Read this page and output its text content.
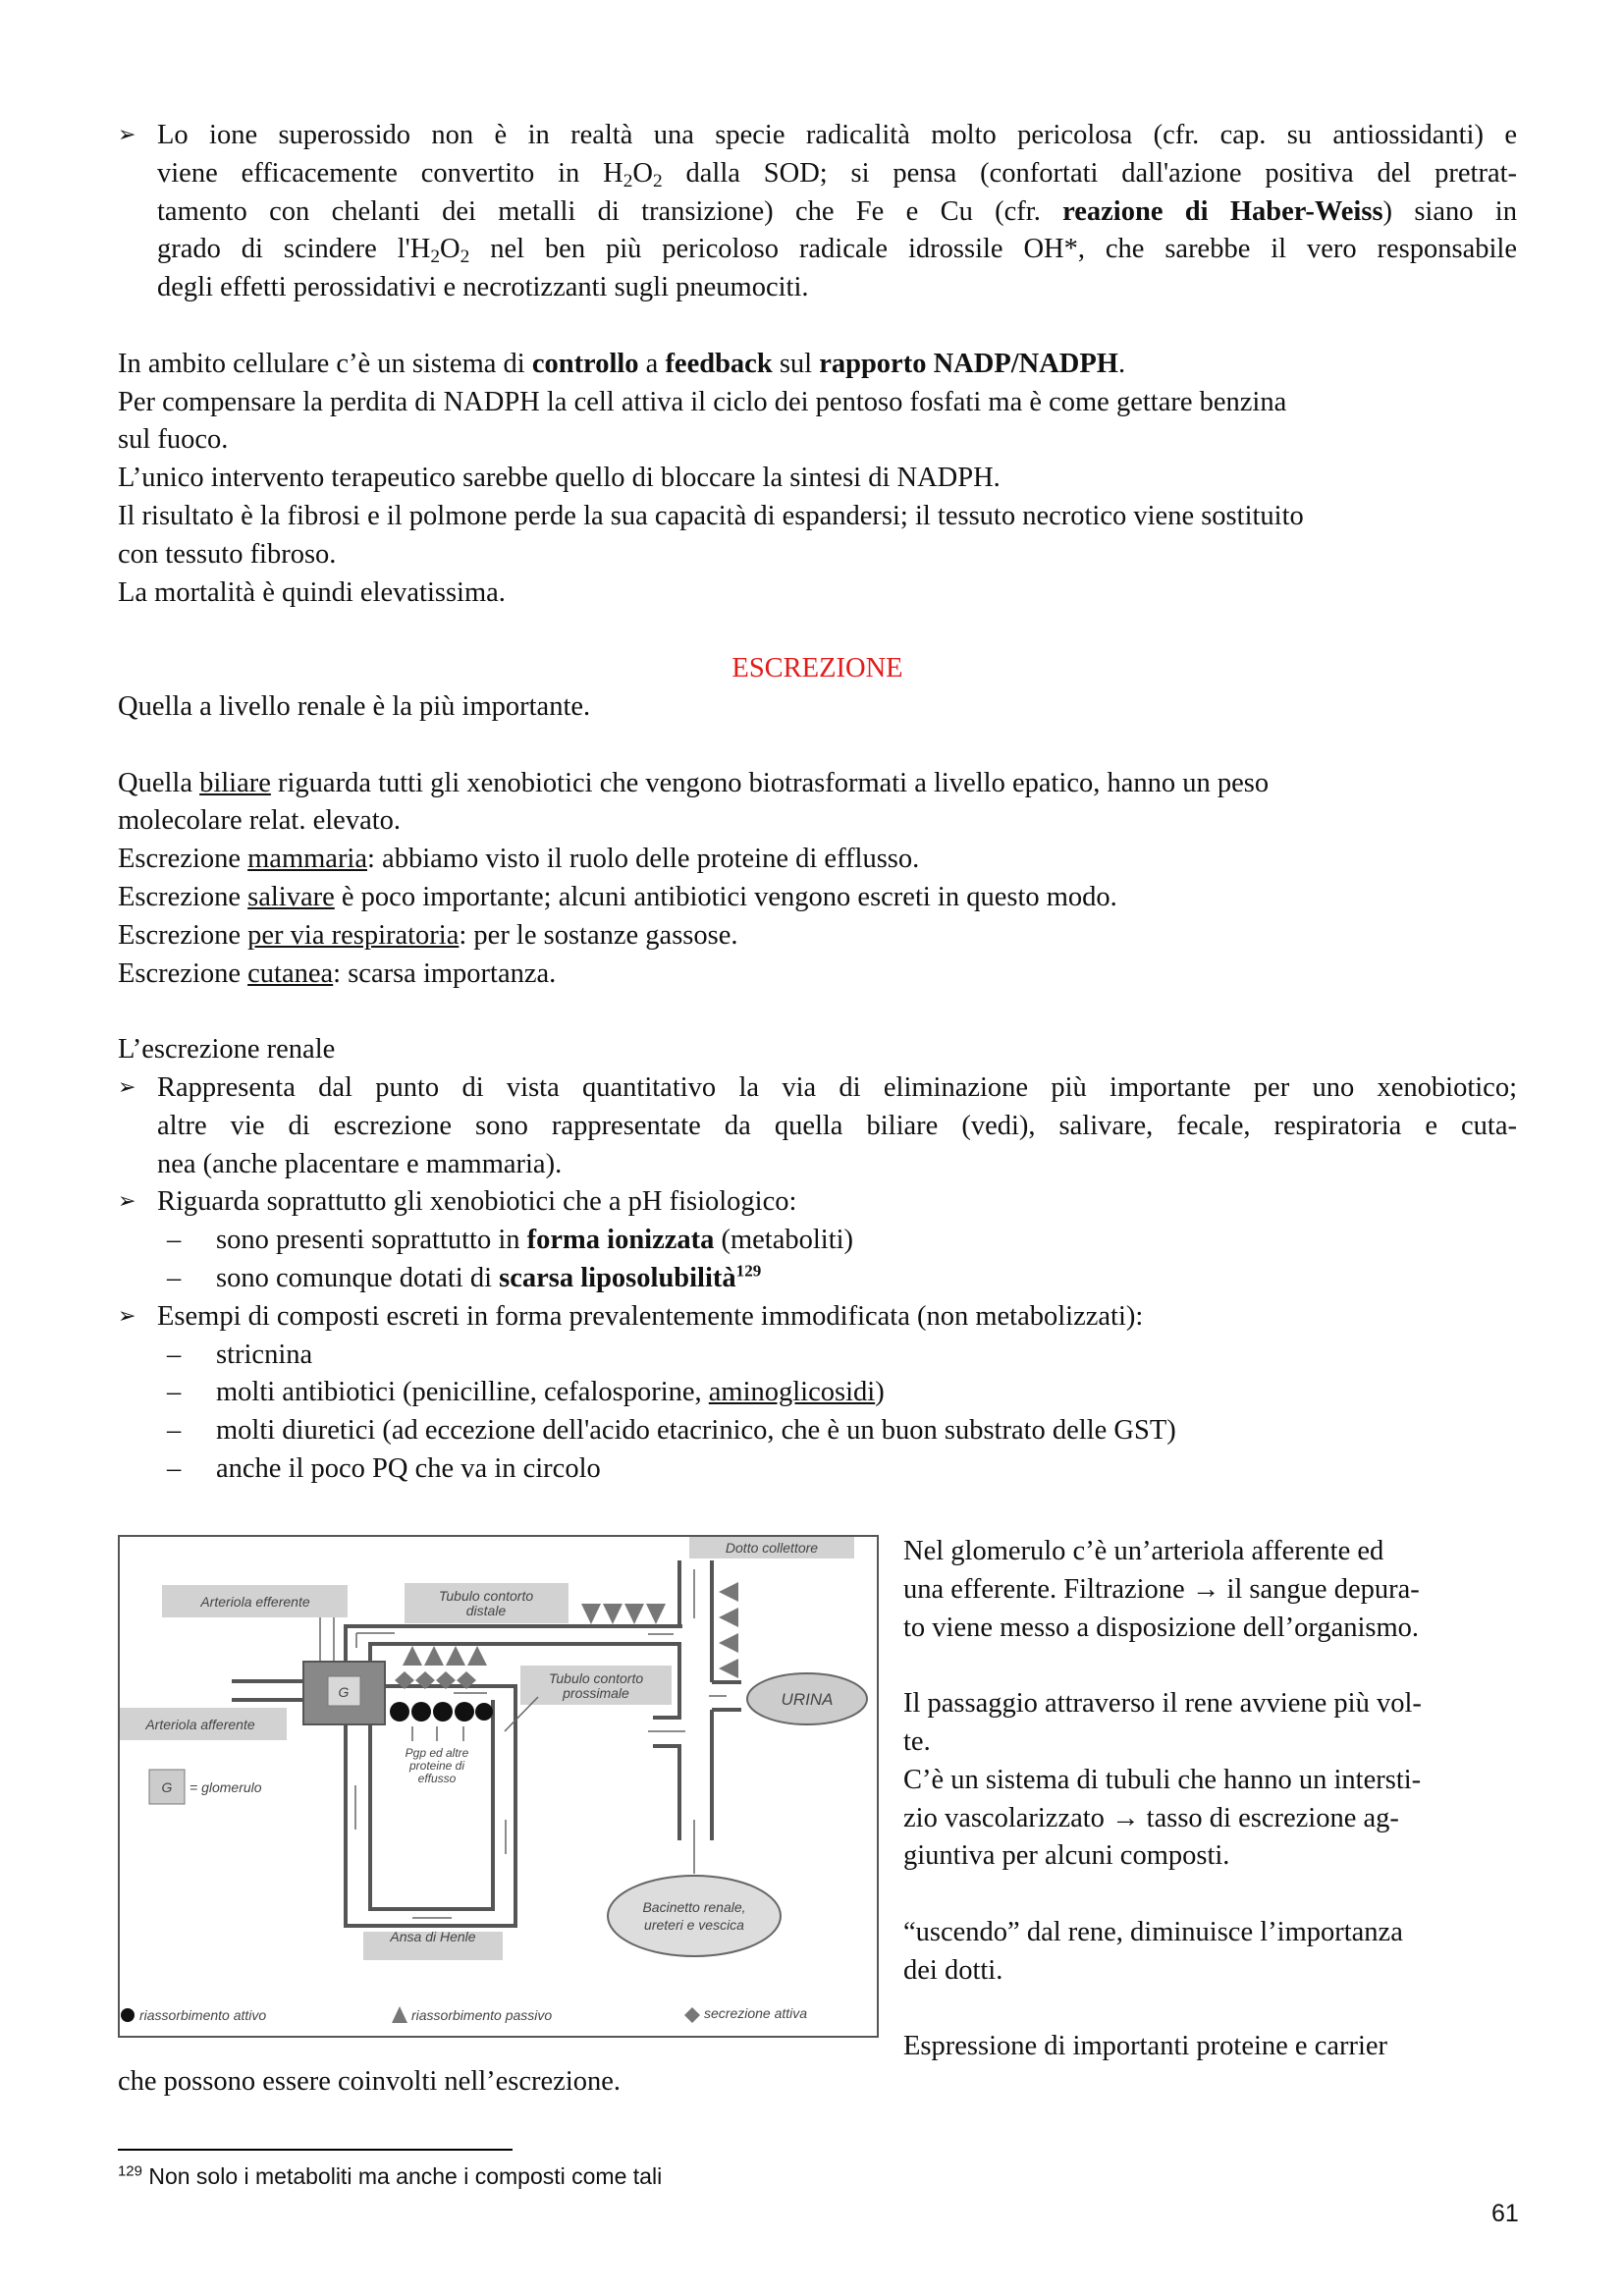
➢ Lo ione superossido non è in realtà una specie radicalità molto pericolosa (cfr. cap. su antiossidanti) e
viene efficacemente convertito in $H_2O_2$ dalla SOD; si pensa (confortati dall'azione positiva del pretrat-
tamento con chelanti dei metalli di transizione) che Fe e Cu (cfr. reazione di Haber-Weiss) siano in
grado di scindere $l'H_2O_2$ nel ben più pericoloso radicale idrossile OH*, che sarebbe il vero responsabile
degli effetti perossidativi e necrotizzanti sugli pneumociti.
In ambito cellulare c’è un sistema di controllo a feedback sul rapporto NADP/NADPH.
Per compensare la perdita di NADPH la cell attiva il ciclo dei pentoso fosfati ma è come gettare benzina
sul fuoco.
L’unico intervento terapeutico sarebbe quello di bloccare la sintesi di NADPH.
Il risultato è la fibrosi e il polmone perde la sua capacità di espandersi; il tessuto necrotico viene sostituito
con tessuto fibroso.
La mortalità è quindi elevatissima.
ESCREZIONE
Quella a livello renale è la più importante.
Quella biliare riguarda tutti gli xenobiotici che vengono biotrasformati a livello epatico, hanno un peso
molecolare relat. elevato.
Escrezione mammaria: abbiamo visto il ruolo delle proteine di efflusso.
Escrezione salivare è poco importante; alcuni antibiotici vengono escreti in questo modo.
Escrezione per via respiratoria: per le sostanze gassose.
Escrezione cutanea: scarsa importanza.
L’escrezione renale
➢ Rappresenta dal punto di vista quantitativo la via di eliminazione più importante per uno xenobiotico;
altre vie di escrezione sono rappresentate da quella biliare (vedi), salivare, fecale, respiratoria e cuta-
nea (anche placentare e mammaria).
➢ Riguarda soprattutto gli xenobiotici che a pH fisiologico:
– sono presenti soprattutto in forma ionizzata (metaboliti)
– sono comunque dotati di scarsa liposolubilità$^{129}$
➢ Esempi di composti escreti in forma prevalentemente immodificata (non metabolizzati):
– stricnina
– molti antibiotici (penicilline, cefalosporine, aminoglicosidi)
– molti diuretici (ad eccezione dell'acido etacrinico, che è un buon substrato delle GST)
– anche il poco PQ che va in circolo
G
Dotto collettore
Arteriola efferente	Tubulo contorto
distale
Tubulo contorto
prossimale
Arteriola afferente
Ansa di Henle
G = glomerulo
Pgp ed altre
proteine di
effusso
URINA
Bacinetto renale,
ureteri e vescica
riassorbimento attivo	riassorbimento passivo	secrezione attiva
Nel glomerulo c’è un’arteriola afferente ed
una efferente. Filtrazione → il sangue depura-
to viene messo a disposizione dell’organismo.
Il passaggio attraverso il rene avviene più vol-
te.
C’è un sistema di tubuli che hanno un intersti-
zio vascolarizzato → tasso di escrezione ag-
giuntiva per alcuni composti.
“uscendo” dal rene, diminuisce l’importanza
dei dotti.
Espressione di importanti proteine e carrier
che possono essere coinvolti nell’escrezione.
$^{129}$ Non solo i metaboliti ma anche i composti come tali
61
